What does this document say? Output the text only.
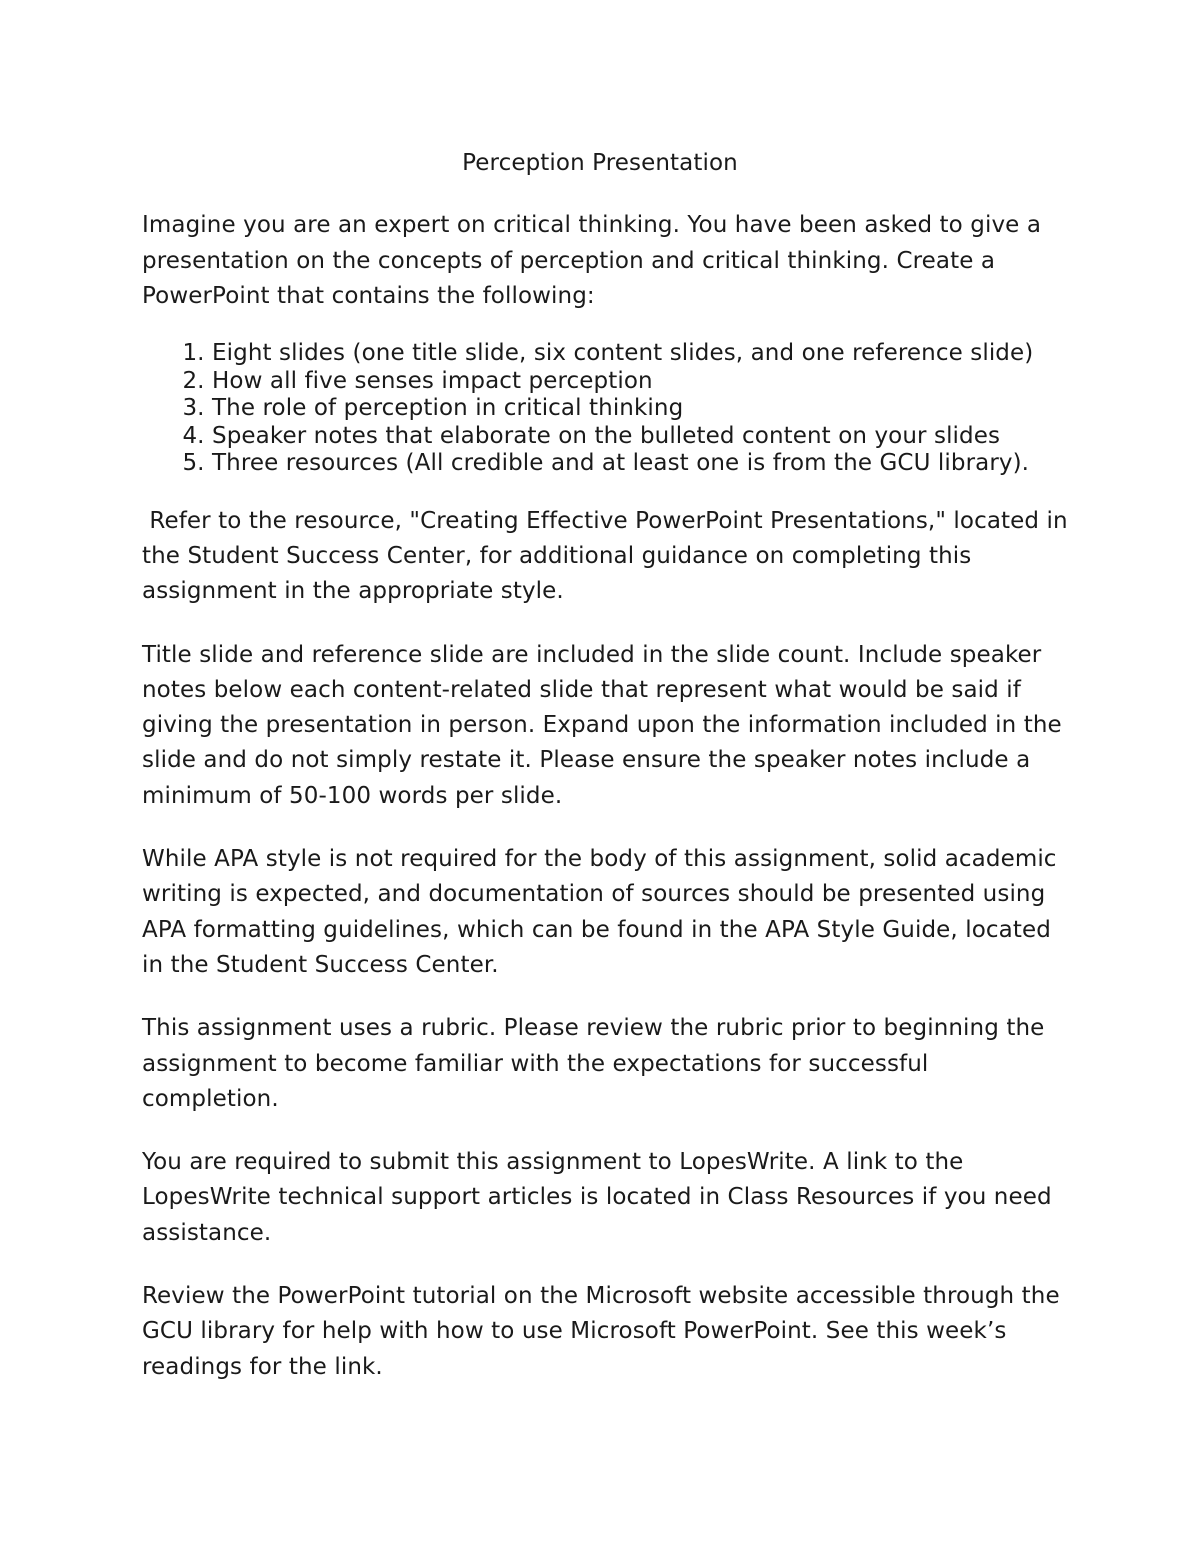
Perception Presentation

Imagine you are an expert on critical thinking. You have been asked to give a presentation on the concepts of perception and critical thinking. Create a PowerPoint that contains the following:

1. Eight slides (one title slide, six content slides, and one reference slide)
2. How all five senses impact perception
3. The role of perception in critical thinking
4. Speaker notes that elaborate on the bulleted content on your slides
5. Three resources (All credible and at least one is from the GCU library).

Refer to the resource, "Creating Effective PowerPoint Presentations," located in the Student Success Center, for additional guidance on completing this assignment in the appropriate style.

Title slide and reference slide are included in the slide count. Include speaker notes below each content-related slide that represent what would be said if giving the presentation in person. Expand upon the information included in the slide and do not simply restate it. Please ensure the speaker notes include a minimum of 50-100 words per slide.

While APA style is not required for the body of this assignment, solid academic writing is expected, and documentation of sources should be presented using APA formatting guidelines, which can be found in the APA Style Guide, located in the Student Success Center.

This assignment uses a rubric. Please review the rubric prior to beginning the assignment to become familiar with the expectations for successful completion.

You are required to submit this assignment to LopesWrite. A link to the LopesWrite technical support articles is located in Class Resources if you need assistance.

Review the PowerPoint tutorial on the Microsoft website accessible through the GCU library for help with how to use Microsoft PowerPoint. See this week’s readings for the link.
